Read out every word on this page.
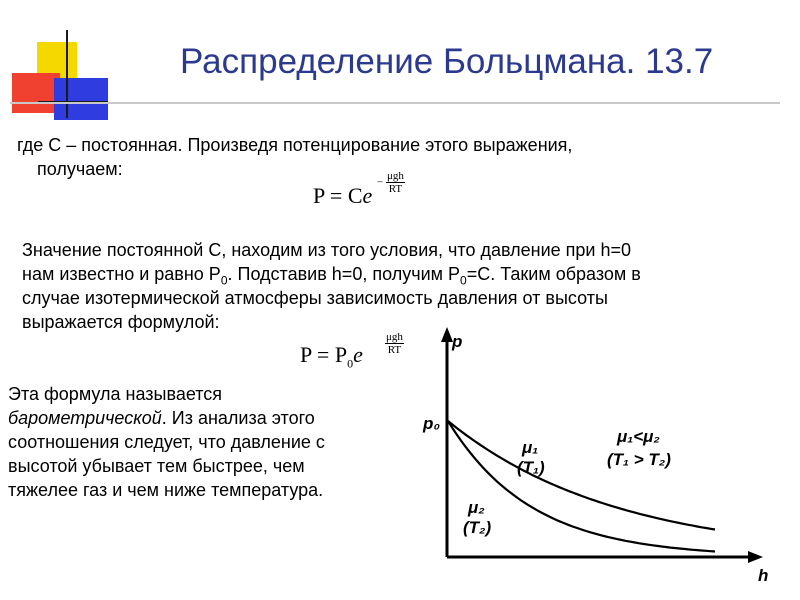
Распределение Больцмана. 13.7
где С – постоянная. Произведя потенцирование этого выражения,
получаем:
P = Ce
− $\frac{\text{μgh}}{RT}$
Значение постоянной С, находим из того условия, что давление при h=0
нам известно и равно $P_0$. Подставив h=0, получим $P_0=С$. Таким образом в
случае изотермической атмосферы зависимость давления от высоты
выражается формулой:
$P = P_0e$
μgh
RT
Эта формула называется
барометрической. Из анализа этого
соотношения следует, что давление с
высотой убывает тем быстрее, чем
тяжелее газ и чем ниже температура.
p
h
p₀
μ₁
(T₁)
μ₂
(T₂)
μ₁<μ₂
(T₁ > T₂)
